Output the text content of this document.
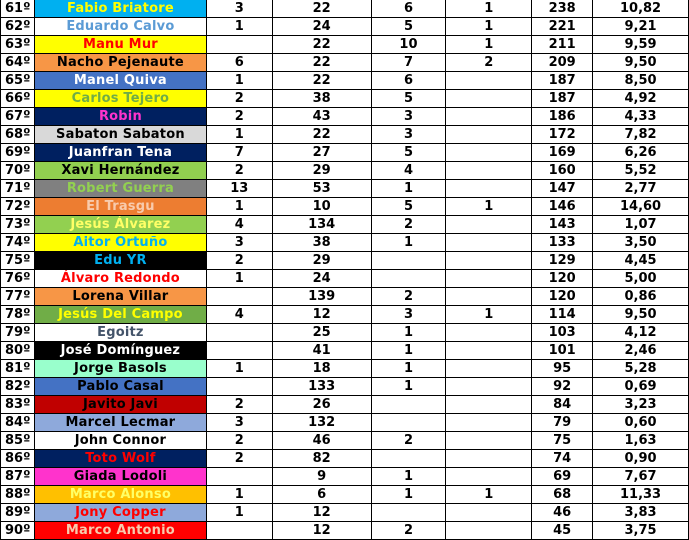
61º	Fabio Briatore	3	22	6	1	238	10,82
62º	Eduardo Calvo	1	24	5	1	221	9,21
63º	Manu Mur		22	10	1	211	9,59
64º	Nacho Pejenaute	6	22	7	2	209	9,50
65º	Manel Quiva	1	22	6		187	8,50
66º	Carlos Tejero	2	38	5		187	4,92
67º	Robin	2	43	3		186	4,33
68º	Sabaton Sabaton	1	22	3		172	7,82
69º	Juanfran Tena	7	27	5		169	6,26
70º	Xavi Hernández	2	29	4		160	5,52
71º	Robert Guerra	13	53	1		147	2,77
72º	El Trasgu	1	10	5	1	146	14,60
73º	Jesús Álvarez	4	134	2		143	1,07
74º	Aitor Ortuño	3	38	1		133	3,50
75º	Edu YR	2	29			129	4,45
76º	Álvaro Redondo	1	24			120	5,00
77º	Lorena Villar		139	2		120	0,86
78º	Jesús Del Campo	4	12	3	1	114	9,50
79º	Egoitz		25	1		103	4,12
80º	José Domínguez		41	1		101	2,46
81º	Jorge Basols	1	18	1		95	5,28
82º	Pablo Casal		133	1		92	0,69
83º	Javito Javi	2	26			84	3,23
84º	Marcel Lecmar	3	132			79	0,60
85º	John Connor	2	46	2		75	1,63
86º	Toto Wolf	2	82			74	0,90
87º	Giada Lodoli		9	1		69	7,67
88º	Marco Alonso	1	6	1	1	68	11,33
89º	Jony Copper	1	12			46	3,83
90º	Marco Antonio		12	2		45	3,75
